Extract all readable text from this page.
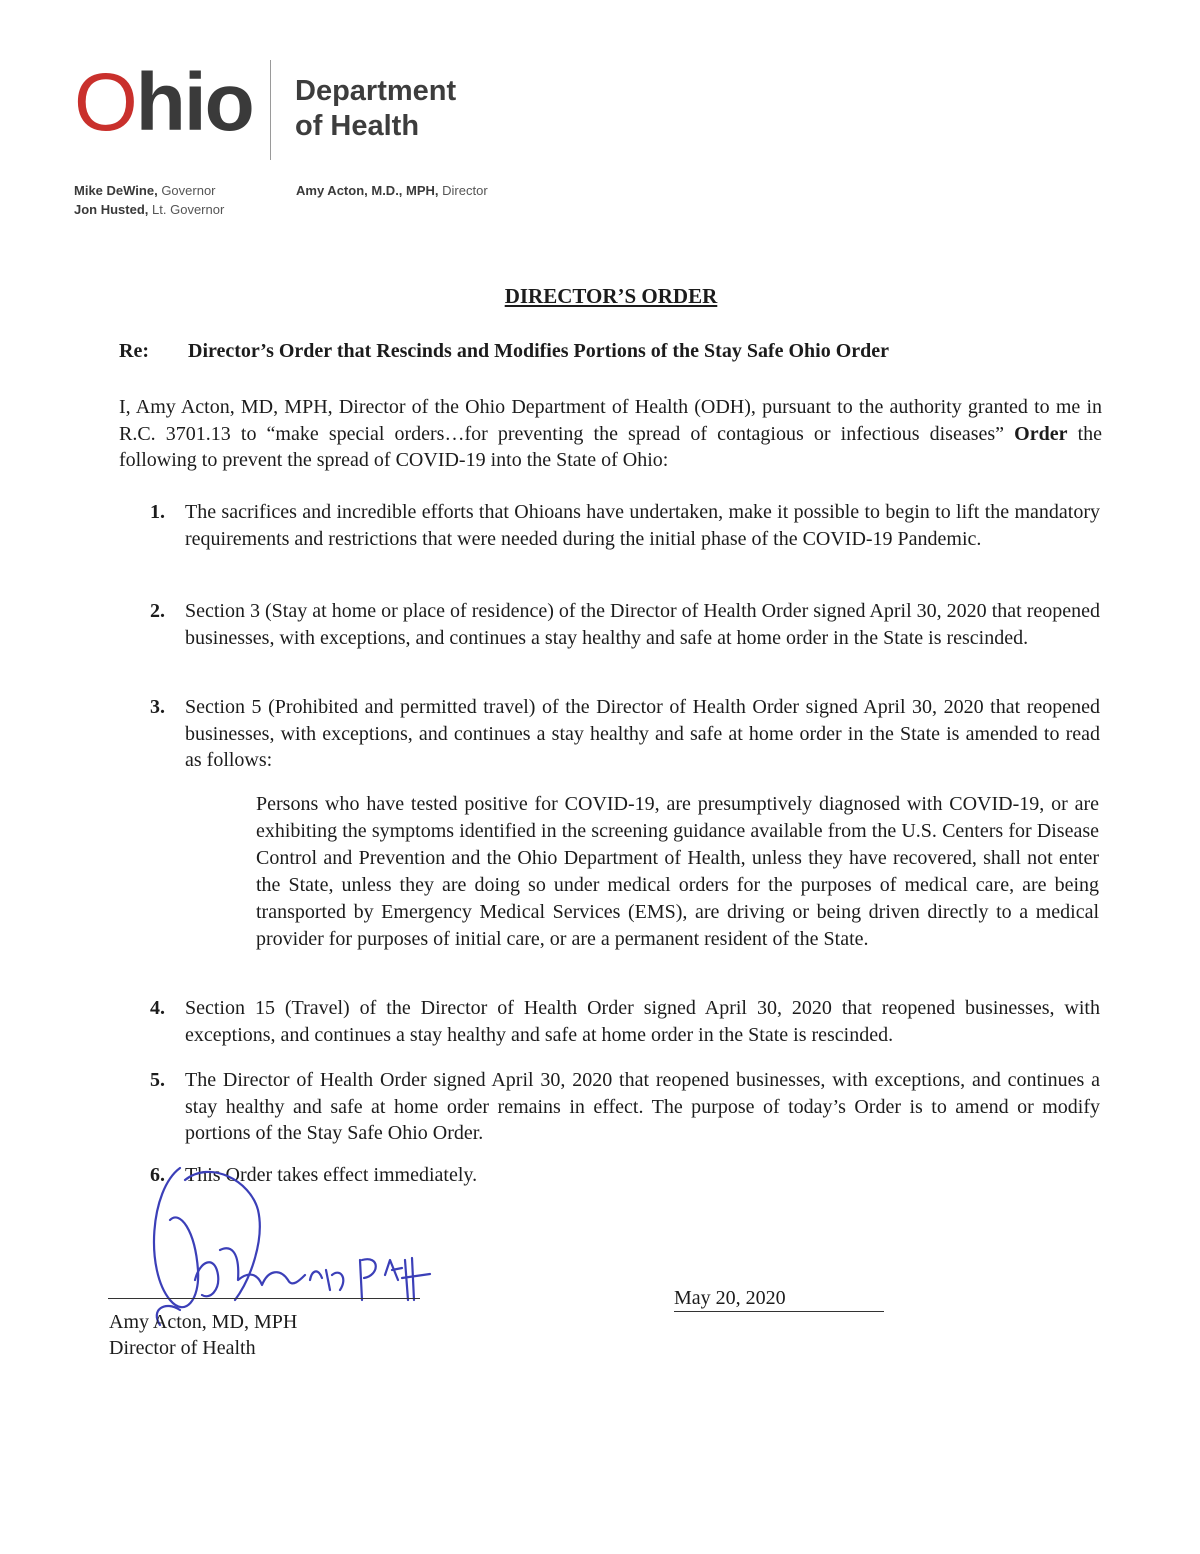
Ohio Department
of Health
Mike DeWine, Governor
Jon Husted, Lt. Governor
Amy Acton, M.D., MPH, Director
DIRECTOR’S ORDER
Re: Director’s Order that Rescinds and Modifies Portions of the Stay Safe Ohio Order
I, Amy Acton, MD, MPH, Director of the Ohio Department of Health (ODH), pursuant to the authority granted to me in R.C. 3701.13 to “make special orders…for preventing the spread of contagious or infectious diseases” Order the following to prevent the spread of COVID-19 into the State of Ohio:
1. The sacrifices and incredible efforts that Ohioans have undertaken, make it possible to begin to lift the mandatory requirements and restrictions that were needed during the initial phase of the COVID-19 Pandemic.
2. Section 3 (Stay at home or place of residence) of the Director of Health Order signed April 30, 2020 that reopened businesses, with exceptions, and continues a stay healthy and safe at home order in the State is rescinded.
3. Section 5 (Prohibited and permitted travel) of the Director of Health Order signed April 30, 2020 that reopened businesses, with exceptions, and continues a stay healthy and safe at home order in the State is amended to read as follows:
Persons who have tested positive for COVID-19, are presumptively diagnosed with COVID-19, or are exhibiting the symptoms identified in the screening guidance available from the U.S. Centers for Disease Control and Prevention and the Ohio Department of Health, unless they have recovered, shall not enter the State, unless they are doing so under medical orders for the purposes of medical care, are being transported by Emergency Medical Services (EMS), are driving or being driven directly to a medical provider for purposes of initial care, or are a permanent resident of the State.
4. Section 15 (Travel) of the Director of Health Order signed April 30, 2020 that reopened businesses, with exceptions, and continues a stay healthy and safe at home order in the State is rescinded.
5. The Director of Health Order signed April 30, 2020 that reopened businesses, with exceptions, and continues a stay healthy and safe at home order remains in effect. The purpose of today’s Order is to amend or modify portions of the Stay Safe Ohio Order.
6. This Order takes effect immediately.
Amy Acton, MD, MPH
Director of Health
May 20, 2020
